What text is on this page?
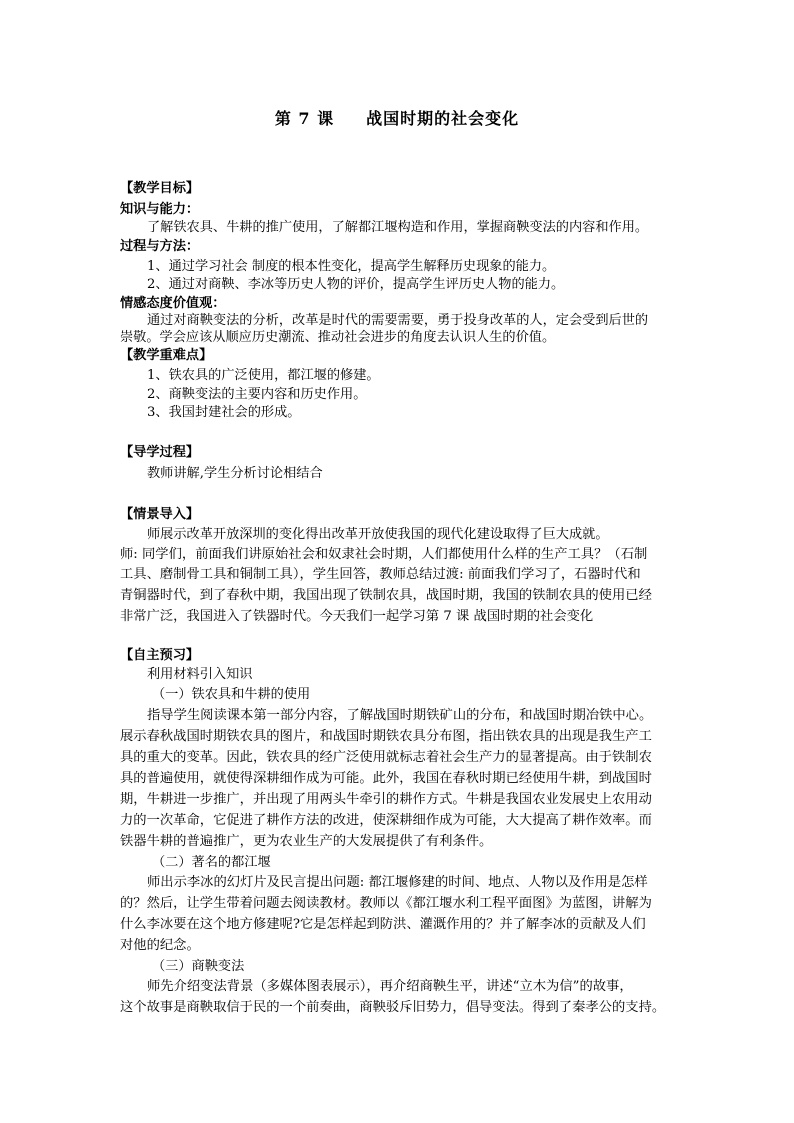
第 7 课 战国时期的社会变化
【教学目标】
知识与能力：
了解铁农具、牛耕的推广使用，了解都江堰构造和作用，掌握商鞅变法的内容和作用。
过程与方法：
1、通过学习社会 制度的根本性变化，提高学生解释历史现象的能力。
2、通过对商鞅、李冰等历史人物的评价，提高学生评历史人物的能力。
情感态度价值观：
通过对商鞅变法的分析，改革是时代的需要需要，勇于投身改革的人，定会受到后世的
崇敬。学会应该从顺应历史潮流、推动社会进步的角度去认识人生的价值。
【教学重难点】
1、铁农具的广泛使用，都江堰的修建。
2、商鞅变法的主要内容和历史作用。
3、我国封建社会的形成。
【导学过程】
教师讲解,学生分析讨论相结合
【情景导入】
师展示改革开放深圳的变化得出改革开放使我国的现代化建设取得了巨大成就。
师: 同学们，前面我们讲原始社会和奴隶社会时期，人们都使用什么样的生产工具？（石制
工具、磨制骨工具和铜制工具），学生回答，教师总结过渡: 前面我们学习了，石器时代和
青铜器时代，到了春秋中期，我国出现了铁制农具，战国时期，我国的铁制农具的使用已经
非常广泛，我国进入了铁器时代。今天我们一起学习第 7 课 战国时期的社会变化
【自主预习】
利用材料引入知识
（一）铁农具和牛耕的使用
指导学生阅读课本第一部分内容，了解战国时期铁矿山的分布，和战国时期冶铁中心。
展示春秋战国时期铁农具的图片，和战国时期铁农具分布图，指出铁农具的出现是我生产工
具的重大的变革。因此，铁农具的经广泛使用就标志着社会生产力的显著提高。由于铁制农
具的普遍使用，就使得深耕细作成为可能。此外，我国在春秋时期已经使用牛耕，到战国时
期，牛耕进一步推广，并出现了用两头牛牵引的耕作方式。牛耕是我国农业发展史上农用动
力的一次革命，它促进了耕作方法的改进，使深耕细作成为可能，大大提高了耕作效率。而
铁器牛耕的普遍推广，更为农业生产的大发展提供了有利条件。
（二）著名的都江堰
师出示李冰的幻灯片及民言提出问题: 都江堰修建的时间、地点、人物以及作用是怎样
的？然后，让学生带着问题去阅读教材。教师以《都江堰水利工程平面图》为蓝图，讲解为
什么李冰要在这个地方修建呢?它是怎样起到防洪、灌溉作用的？并了解李冰的贡献及人们
对他的纪念。
（三）商鞅变法
师先介绍变法背景（多媒体图表展示），再介绍商鞅生平，讲述“立木为信”的故事，
这个故事是商鞅取信于民的一个前奏曲，商鞅驳斥旧势力，倡导变法。得到了秦孝公的支持。
